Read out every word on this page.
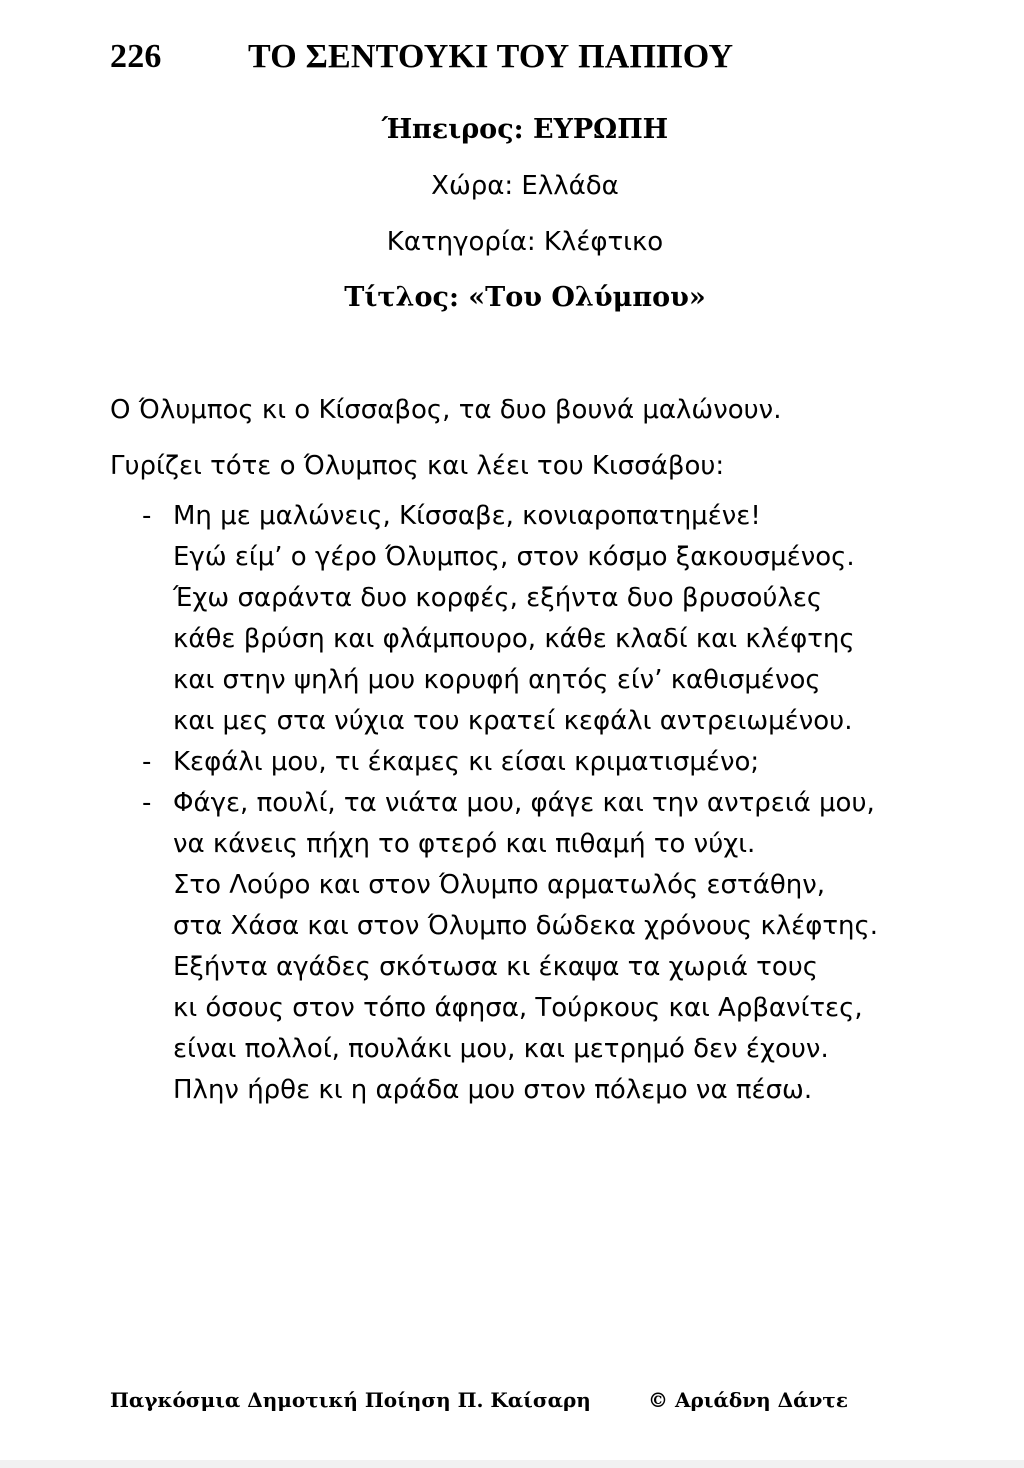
226	ΤΟ ΣΕΝΤΟΥΚΙ ΤΟΥ ΠΑΠΠΟΥ
Ήπειρος: ΕΥΡΩΠΗ
Χώρα: Ελλάδα
Κατηγορία: Κλέφτικο
Τίτλος: «Του Ολύμπου»
Ο Όλυμπος κι ο Κίσσαβος, τα δυο βουνά μαλώνουν.
Γυρίζει τότε ο Όλυμπος και λέει του Κισσάβου:
- Μη με μαλώνεις, Κίσσαβε, κονιαροπατημένε!
Εγώ είμ’ ο γέρο Όλυμπος, στον κόσμο ξακουσμένος.
Έχω σαράντα δυο κορφές, εξήντα δυο βρυσούλες
κάθε βρύση και φλάμπουρο, κάθε κλαδί και κλέφτης
και στην ψηλή μου κορυφή αητός είν’ καθισμένος
και μες στα νύχια του κρατεί κεφάλι αντρειωμένου.
- Κεφάλι μου, τι έκαμες κι είσαι κριματισμένο;
- Φάγε, πουλί, τα νιάτα μου, φάγε και την αντρειά μου,
να κάνεις πήχη το φτερό και πιθαμή το νύχι.
Στο Λούρο και στον Όλυμπο αρματωλός εστάθην,
στα Χάσα και στον Όλυμπο δώδεκα χρόνους κλέφτης.
Εξήντα αγάδες σκότωσα κι έκαψα τα χωριά τους
κι όσους στον τόπο άφησα, Τούρκους και Αρβανίτες,
είναι πολλοί, πουλάκι μου, και μετρημό δεν έχουν.
Πλην ήρθε κι η αράδα μου στον πόλεμο να πέσω.
Παγκόσμια Δημοτική Ποίηση Π. Καίσαρη	© Αριάδνη Δάντε
